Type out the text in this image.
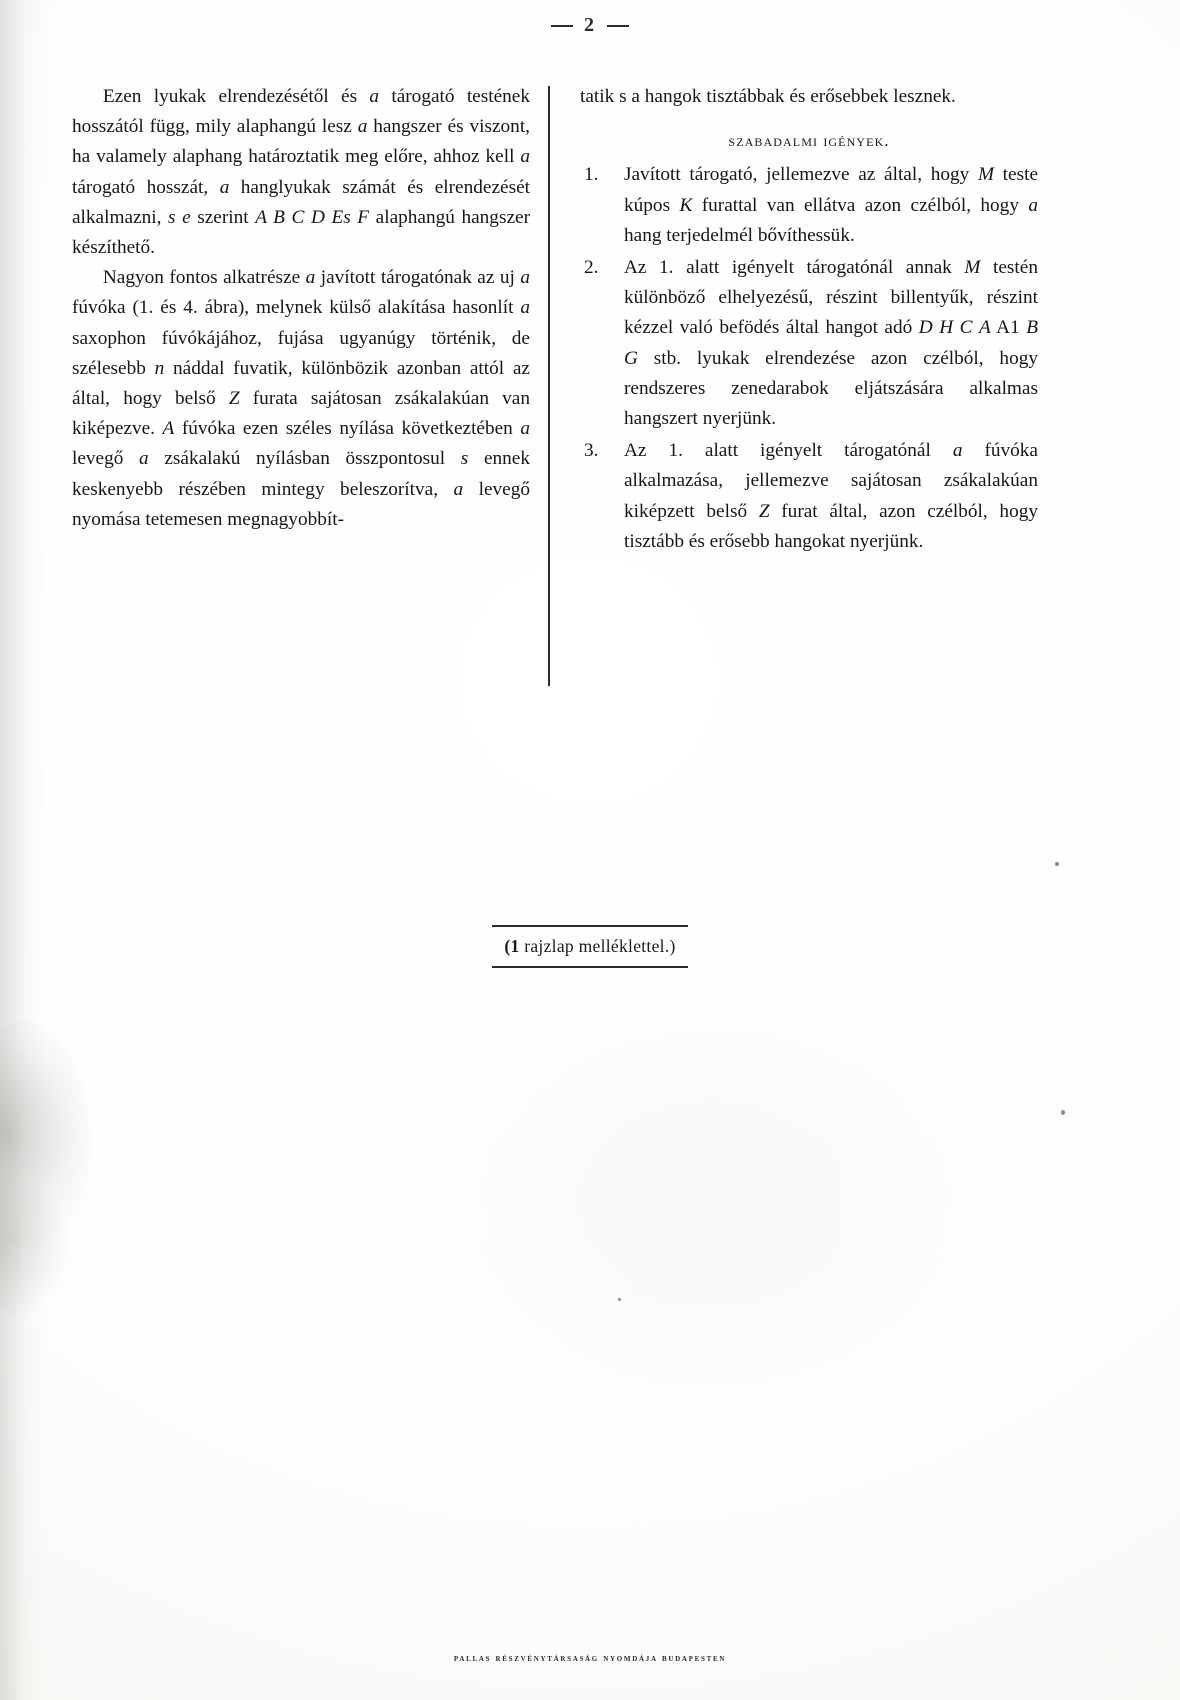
2

Ezen lyukak elrendezésétől és a tárogató testének hosszától függ, mily alaphangú lesz a hangszer és viszont, ha valamely alaphang határoztatik meg előre, ahhoz kell a tárogató hosszát, a hanglyukak számát és elrendezését alkalmazni, s e szerint A B C D Es F alaphangú hangszer készíthető.

Nagyon fontos alkatrésze a javított tárogatónak az uj a fúvóka (1. és 4. ábra), melynek külső alakítása hasonlít a saxophon fúvókájához, fujása ugyanúgy történik, de szélesebb n náddal fuvatik, különbözik azonban attól az által, hogy belső Z furata sajátosan zsákalakúan van kiképezve. A fúvóka ezen széles nyílása következtében a levegő a zsákalakú nyílásban összpontosul s ennek keskenyebb részében mintegy beleszorítva, a levegő nyomása tetemesen megnagyobbít-

tatik s a hangok tisztábbak és erősebbek lesznek.

szabadalmi igények.
1.	Javított tárogató, jellemezve az által, hogy M teste kúpos K furattal van ellátva azon czélból, hogy a hang terjedelmél bővíthessük.
2.	Az 1. alatt igényelt tárogatónál annak M testén különböző elhelyezésű, részint billentyűk, részint kézzel való befödés által hangot adó D H C A A1 B G stb. lyukak elrendezése azon czélból, hogy rendszeres zenedarabok eljátszására alkalmas hangszert nyerjünk.
3.	Az 1. alatt igényelt tárogatónál a fúvóka alkalmazása, jellemezve sajátosan zsákalakúan kiképzett belső Z furat által, azon czélból, hogy tisztább és erősebb hangokat nyerjünk.
(1 rajzlap melléklettel.)
pallas részvénytársaság nyomdája budapesten
